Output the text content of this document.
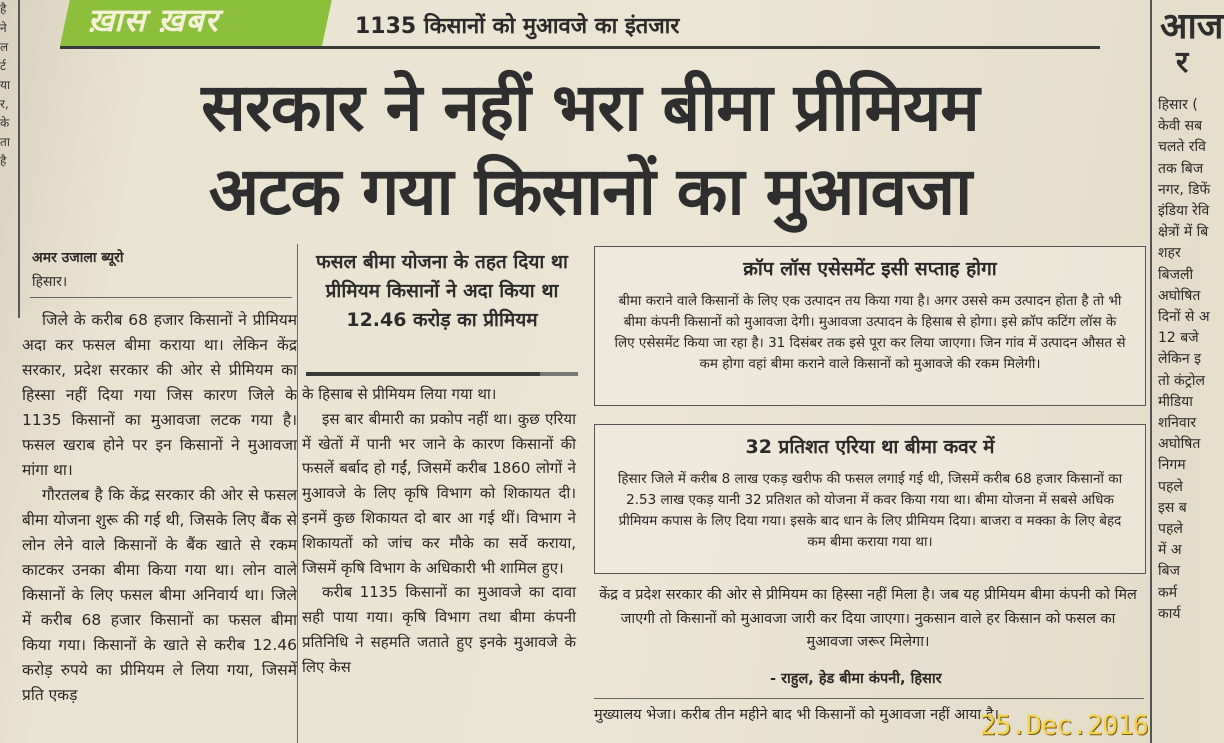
है
ने
ल
र्ट
या
र,
के
ता
है
ख़ास ख़बर	1135 किसानों को मुआवजे का इंतजार
सरकार ने नहीं भरा बीमा प्रीमियम
अटक गया किसानों का मुआवजा
अमर उजाला ब्यूरो
हिसार।

जिले के करीब 68 हजार किसानों ने प्रीमियम अदा कर फसल बीमा कराया था। लेकिन केंद्र सरकार, प्रदेश सरकार की ओर से प्रीमियम का हिस्सा नहीं दिया गया जिस कारण जिले के 1135 किसानों का मुआवजा लटक गया है। फसल खराब होने पर इन किसानों ने मुआवजा मांगा था।

गौरतलब है कि केंद्र सरकार की ओर से फसल बीमा योजना शुरू की गई थी, जिसके लिए बैंक से लोन लेने वाले किसानों के बैंक खाते से रकम काटकर उनका बीमा किया गया था। लोन वाले किसानों के लिए फसल बीमा अनिवार्य था। जिले में करीब 68 हजार किसानों का फसल बीमा किया गया। किसानों के खाते से करीब 12.46 करोड़ रुपये का प्रीमियम ले लिया गया, जिसमें प्रति एकड़

फसल बीमा योजना के तहत दिया था प्रीमियम किसानों ने अदा किया था 12.46 करोड़ का प्रीमियम

के हिसाब से प्रीमियम लिया गया था।

इस बार बीमारी का प्रकोप नहीं था। कुछ एरिया में खेतों में पानी भर जाने के कारण किसानों की फसलें बर्बाद हो गईं, जिसमें करीब 1860 लोगों ने मुआवजे के लिए कृषि विभाग को शिकायत दी। इनमें कुछ शिकायत दो बार आ गई थीं। विभाग ने शिकायतों को जांच कर मौके का सर्वे कराया, जिसमें कृषि विभाग के अधिकारी भी शामिल हुए।

करीब 1135 किसानों का मुआवजे का दावा सही पाया गया। कृषि विभाग तथा बीमा कंपनी प्रतिनिधि ने सहमति जताते हुए इनके मुआवजे के लिए केस

क्रॉप लॉस एसेसमेंट इसी सप्ताह होगा
बीमा कराने वाले किसानों के लिए एक उत्पादन तय किया गया है। अगर उससे कम उत्पादन होता है तो भी बीमा कंपनी किसानों को मुआवजा देगी। मुआवजा उत्पादन के हिसाब से होगा। इसे क्रॉप कटिंग लॉस के लिए एसेसमेंट किया जा रहा है। 31 दिसंबर तक इसे पूरा कर लिया जाएगा। जिन गांव में उत्पादन औसत से कम होगा वहां बीमा कराने वाले किसानों को मुआवजे की रकम मिलेगी।
32 प्रतिशत एरिया था बीमा कवर में
हिसार जिले में करीब 8 लाख एकड़ खरीफ की फसल लगाई गई थी, जिसमें करीब 68 हजार किसानों का 2.53 लाख एकड़ यानी 32 प्रतिशत को योजना में कवर किया गया था। बीमा योजना में सबसे अधिक प्रीमियम कपास के लिए दिया गया। इसके बाद धान के लिए प्रीमियम दिया। बाजरा व मक्का के लिए बेहद कम बीमा कराया गया था।
केंद्र व प्रदेश सरकार की ओर से प्रीमियम का हिस्सा नहीं मिला है। जब यह प्रीमियम बीमा कंपनी को मिल जाएगी तो किसानों को मुआवजा जारी कर दिया जाएगा। नुकसान वाले हर किसान को फसल का मुआवजा जरूर मिलेगा।
- राहुल, हेड बीमा कंपनी, हिसार
मुख्यालय भेजा। करीब तीन महीने बाद भी किसानों को मुआवजा नहीं आया है।
आज
र
हिसार (
केवी सब
चलते रवि
तक बिज
नगर, डिफें
इंडिया रेवि
क्षेत्रों में बि
शहर
बिजली
अघोषित
दिनों से अ
12 बजे
लेकिन इ
तो कंट्रोल
मीडिया
शनिवार
अघोषित
निगम
पहले
इस ब
पहले
में अ
बिज
कर्म
कार्य
25.Dec.2016
